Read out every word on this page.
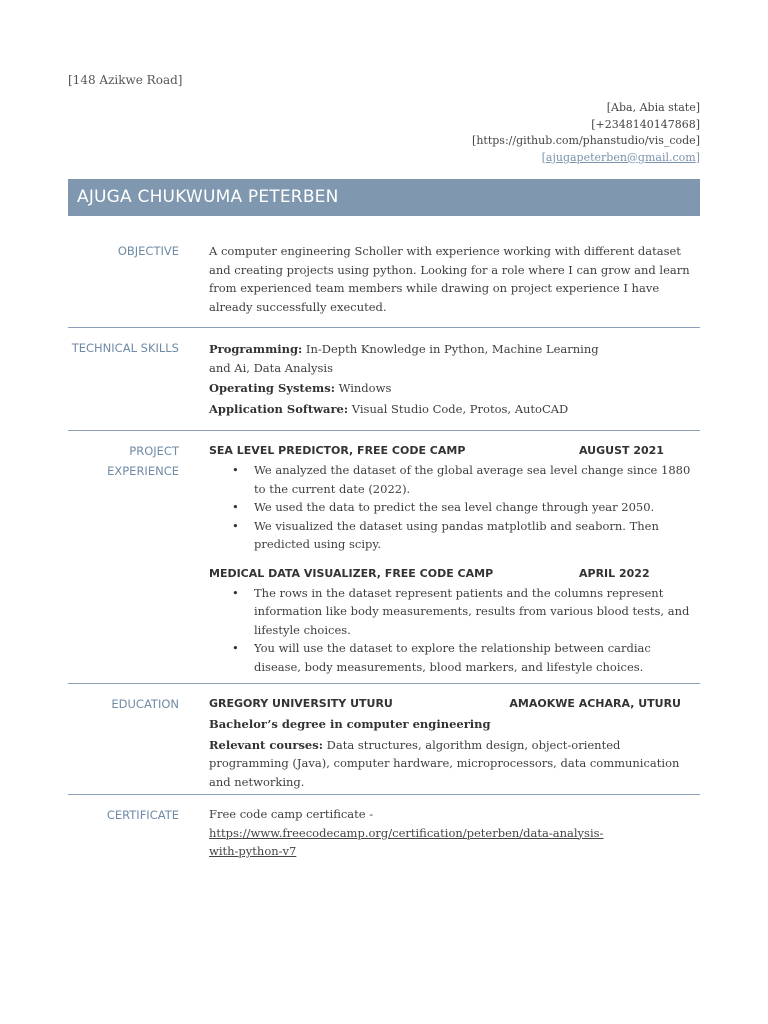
[148 Azikwe Road]
[Aba, Abia state]
[+2348140147868]
[https://github.com/phanstudio/vis_code]
[ajugapeterben@gmail.com]
AJUGA CHUKWUMA PETERBEN
OBJECTIVE	A computer engineering Scholler with experience working with different dataset and creating projects using python. Looking for a role where I can grow and learn from experienced team members while drawing on project experience I have already successfully executed.
TECHNICAL SKILLS	Programming: In-Depth Knowledge in Python, Machine Learning and Ai, Data Analysis
Operating Systems: Windows
Application Software: Visual Studio Code, Protos, AutoCAD
PROJECT
EXPERIENCE
SEA LEVEL PREDICTOR, FREE CODE CAMP	AUGUST 2021
• We analyzed the dataset of the global average sea level change since 1880 to the current date (2022).
• We used the data to predict the sea level change through year 2050.
• We visualized the dataset using pandas matplotlib and seaborn. Then predicted using scipy.
MEDICAL DATA VISUALIZER, FREE CODE CAMP	APRIL 2022
• The rows in the dataset represent patients and the columns represent information like body measurements, results from various blood tests, and lifestyle choices.
• You will use the dataset to explore the relationship between cardiac disease, body measurements, blood markers, and lifestyle choices.
EDUCATION	GREGORY UNIVERSITY UTURU	AMAOKWE ACHARA, UTURU
Bachelor’s degree in computer engineering
Relevant courses: Data structures, algorithm design, object-oriented programming (Java), computer hardware, microprocessors, data communication and networking.
CERTIFICATE	Free code camp certificate -
https://www.freecodecamp.org/certification/peterben/data-analysis-with-python-v7
